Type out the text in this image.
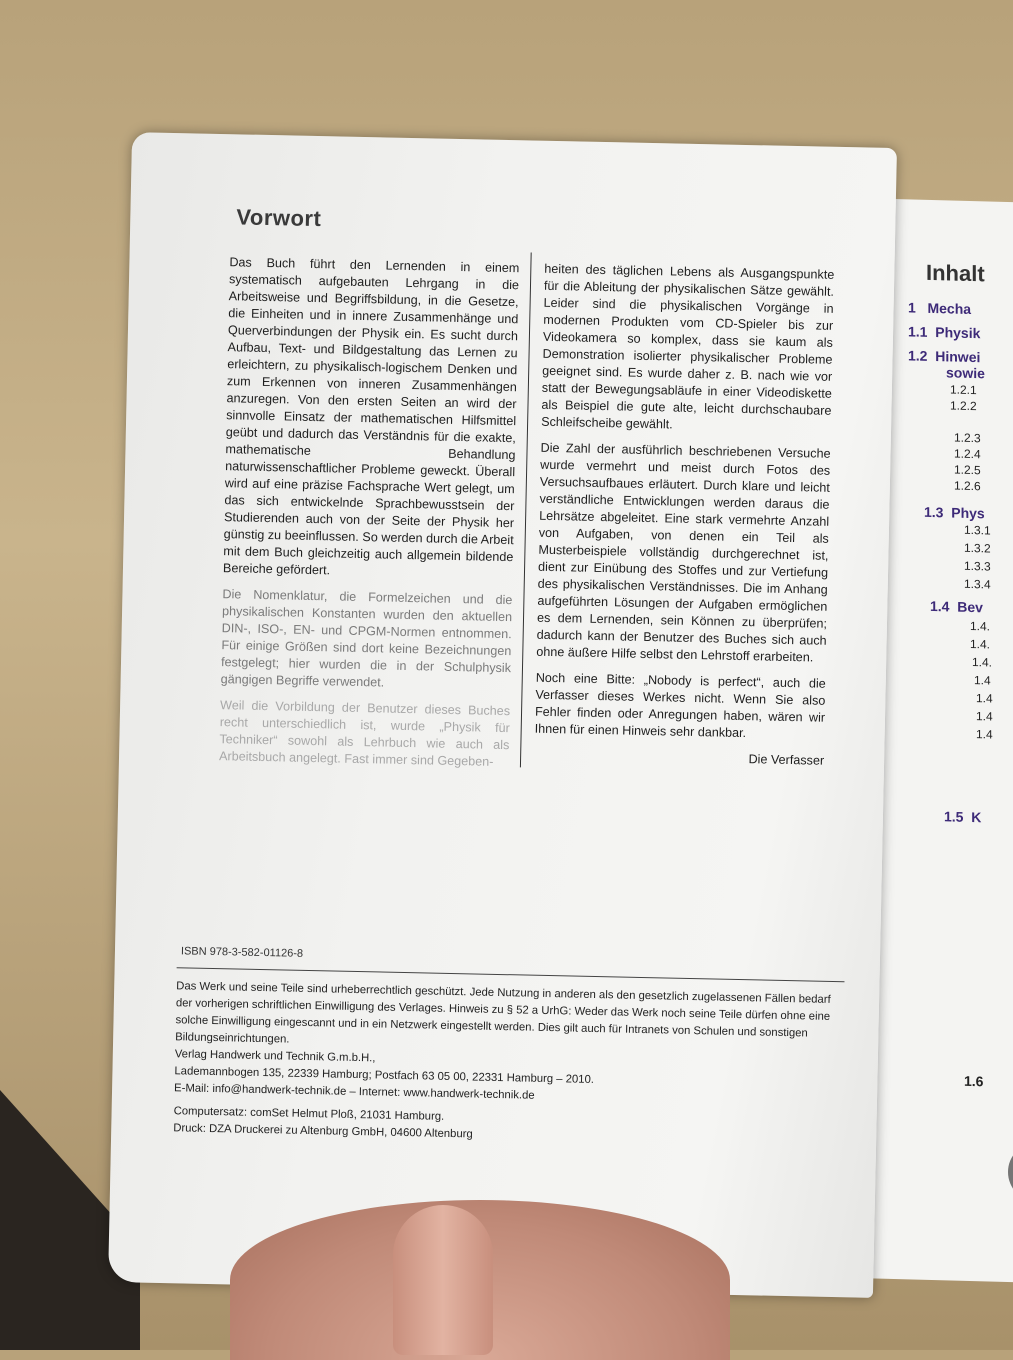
Inhalt
1 Mecha
1.1 Physik
1.2 Hinwei
sowie
1.2.1
1.2.2
1.2.3
1.2.4
1.2.5
1.2.6
1.3 Phys
1.3.1
1.3.2
1.3.3
1.3.4
1.4 Bev
1.4.
1.4.
1.4.
1.4
1.4
1.4
1.4
1.5 K
1.6
Vorwort

Das Buch führt den Lernenden in einem systematisch aufgebauten Lehrgang in die Arbeitsweise und Begriffsbildung, in die Gesetze, die Einheiten und in innere Zusammenhänge und Querverbindungen der Physik ein. Es sucht durch Aufbau, Text- und Bildgestaltung das Lernen zu erleichtern, zu physikalisch-logischem Denken und zum Erkennen von inneren Zusammenhängen anzuregen. Von den ersten Seiten an wird der sinnvolle Einsatz der mathematischen Hilfsmittel geübt und dadurch das Verständnis für die exakte, mathematische Behandlung naturwissenschaftlicher Probleme geweckt. Überall wird auf eine präzise Fachsprache Wert gelegt, um das sich entwickelnde Sprachbewusstsein der Studierenden auch von der Seite der Physik her günstig zu beeinflussen. So werden durch die Arbeit mit dem Buch gleichzeitig auch allgemein bildende Bereiche gefördert.

Die Nomenklatur, die Formelzeichen und die physikalischen Konstanten wurden den aktuellen DIN-, ISO-, EN- und CPGM-Normen entnommen. Für einige Größen sind dort keine Bezeichnungen festgelegt; hier wurden die in der Schulphysik gängigen Begriffe verwendet.

Weil die Vorbildung der Benutzer dieses Buches recht unterschiedlich ist, wurde „Physik für Techniker“ sowohl als Lehrbuch wie auch als Arbeitsbuch angelegt. Fast immer sind Gegeben-

heiten des täglichen Lebens als Ausgangspunkte für die Ableitung der physikalischen Sätze gewählt. Leider sind die physikalischen Vorgänge in modernen Produkten vom CD-Spieler bis zur Videokamera so komplex, dass sie kaum als Demonstration isolierter physikalischer Probleme geeignet sind. Es wurde daher z. B. nach wie vor statt der Bewegungsabläufe in einer Videodiskette als Beispiel die gute alte, leicht durchschaubare Schleifscheibe gewählt.

Die Zahl der ausführlich beschriebenen Versuche wurde vermehrt und meist durch Fotos des Versuchsaufbaues erläutert. Durch klare und leicht verständliche Entwicklungen werden daraus die Lehrsätze abgeleitet. Eine stark vermehrte Anzahl von Aufgaben, von denen ein Teil als Musterbeispiele vollständig durchgerechnet ist, dient zur Einübung des Stoffes und zur Vertiefung des physikalischen Verständnisses. Die im Anhang aufgeführten Lösungen der Aufgaben ermöglichen es dem Lernenden, sein Können zu überprüfen; dadurch kann der Benutzer des Buches sich auch ohne äußere Hilfe selbst den Lehrstoff erarbeiten.

Noch eine Bitte: „Nobody is perfect“, auch die Verfasser dieses Werkes nicht. Wenn Sie also Fehler finden oder Anregungen haben, wären wir Ihnen für einen Hinweis sehr dankbar.

Die Verfasser

ISBN 978-3-582-01126-8

Das Werk und seine Teile sind urheberrechtlich geschützt. Jede Nutzung in anderen als den gesetzlich zugelassenen Fällen bedarf der vorherigen schriftlichen Einwilligung des Verlages. Hinweis zu § 52 a UrhG: Weder das Werk noch seine Teile dürfen ohne eine solche Einwilligung eingescannt und in ein Netzwerk eingestellt werden. Dies gilt auch für Intranets von Schulen und sonstigen Bildungseinrichtungen.

Verlag Handwerk und Technik G.m.b.H.,

Lademannbogen 135, 22339 Hamburg; Postfach 63 05 00, 22331 Hamburg – 2010.

E-Mail: info@handwerk-technik.de – Internet: www.handwerk-technik.de

Computersatz: comSet Helmut Ploß, 21031 Hamburg.

Druck: DZA Druckerei zu Altenburg GmbH, 04600 Altenburg
